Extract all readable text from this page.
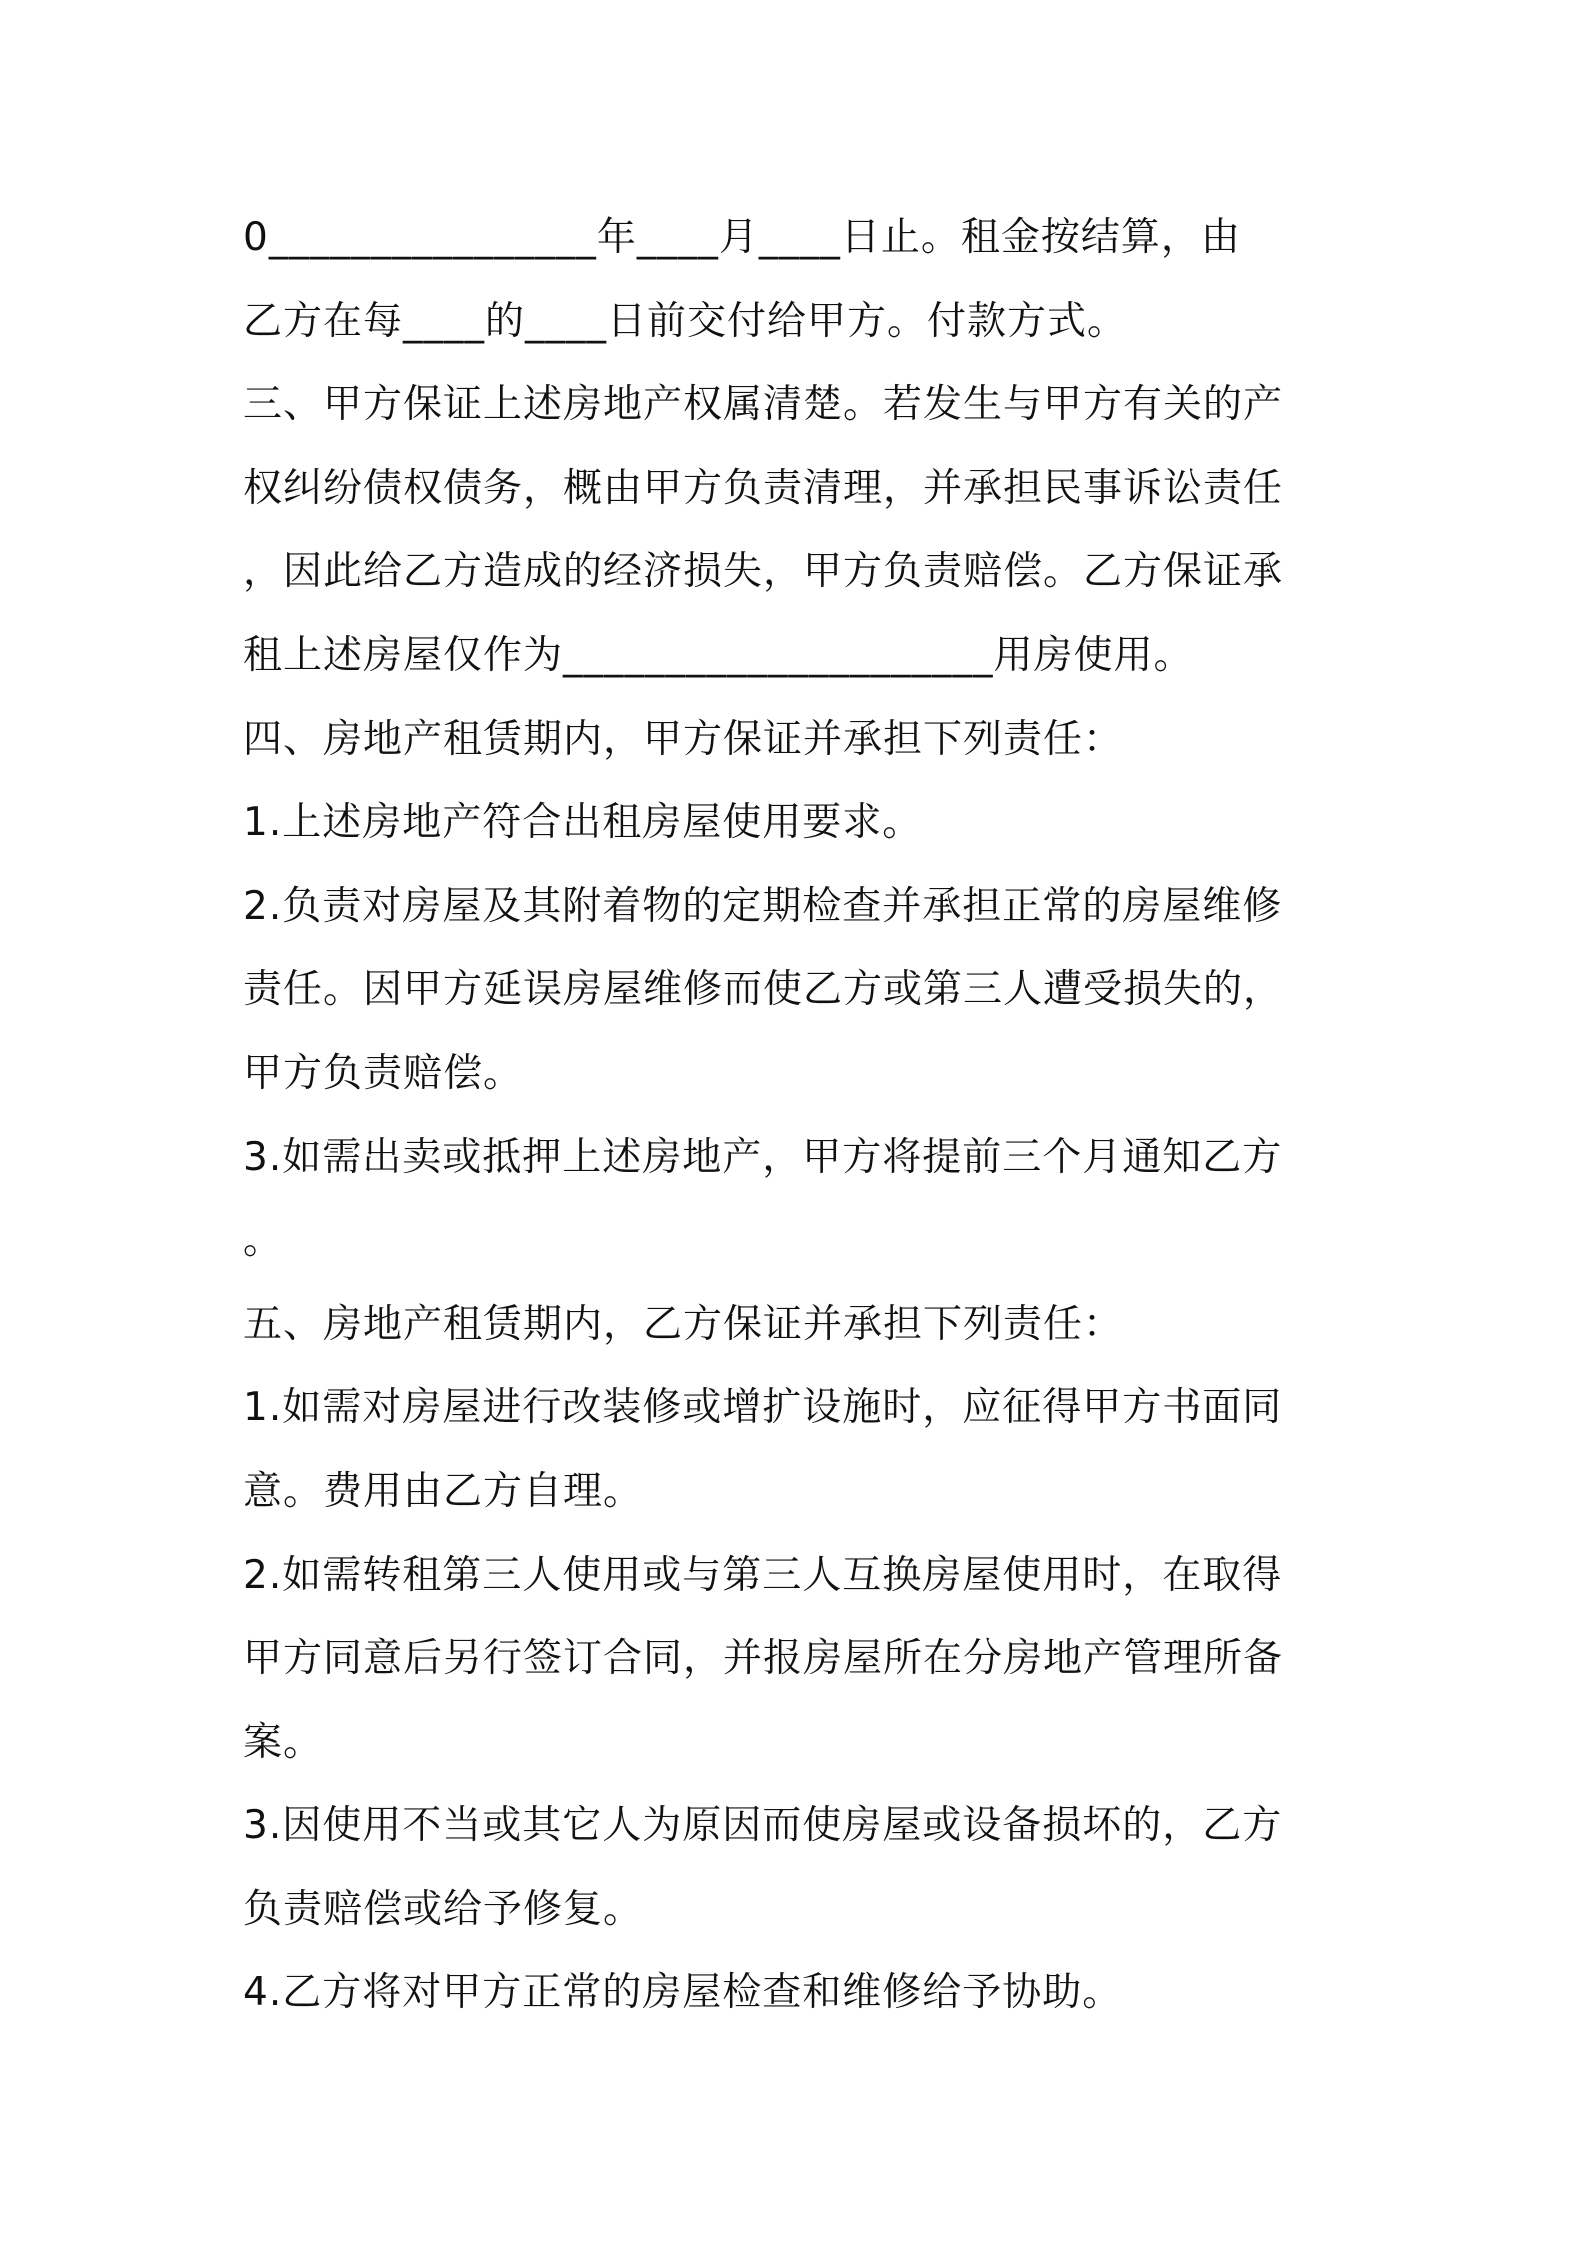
0________________年____月____日止。租金按结算，由
乙方在每____的____日前交付给甲方。付款方式。
三、甲方保证上述房地产权属清楚。若发生与甲方有关的产
权纠纷债权债务，概由甲方负责清理，并承担民事诉讼责任
，因此给乙方造成的经济损失，甲方负责赔偿。乙方保证承
租上述房屋仅作为_____________________用房使用。
四、房地产租赁期内，甲方保证并承担下列责任：
1.上述房地产符合出租房屋使用要求。
2.负责对房屋及其附着物的定期检查并承担正常的房屋维修
责任。因甲方延误房屋维修而使乙方或第三人遭受损失的，
甲方负责赔偿。
3.如需出卖或抵押上述房地产，甲方将提前三个月通知乙方
。
五、房地产租赁期内，乙方保证并承担下列责任：
1.如需对房屋进行改装修或增扩设施时，应征得甲方书面同
意。费用由乙方自理。
2.如需转租第三人使用或与第三人互换房屋使用时，在取得
甲方同意后另行签订合同，并报房屋所在分房地产管理所备
案。
3.因使用不当或其它人为原因而使房屋或设备损坏的，乙方
负责赔偿或给予修复。
4.乙方将对甲方正常的房屋检查和维修给予协助。
